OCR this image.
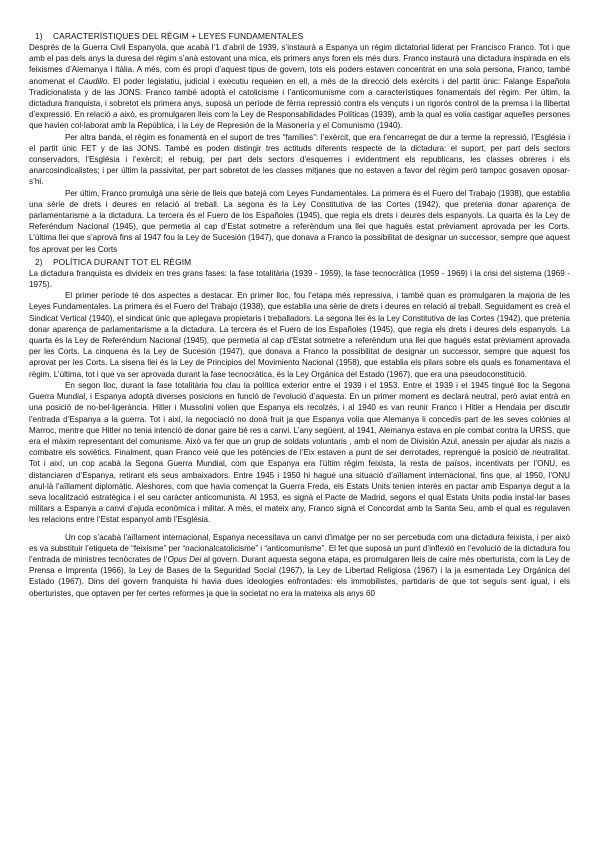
1) CARACTERÍSTIQUES DEL RÈGIM + LEYES FUNDAMENTALES

Després de la Guerra Civil Espanyola, que acabà l’1 d’abril de 1939, s’instaurà a Espanya un règim dictatorial liderat per Francisco Franco. Tot i que amb el pas dels anys la duresa del règim s’anà estovant una mica, els primers anys foren els més durs. Franco instaurà una dictadura inspirada en els feixismes d’Alemanya i Itàlia. A més, com és propi d’aquest tipus de govern, tots els poders estaven concentrat en una sola persona, Franco, també anomenat el Caudillo. El poder legislatiu, judicial i executiu requeien en ell, a més de la direcció dels exèrcits i del partit únic: Falange Española Tradicionalista y de las JONS. Franco també adoptà el catolicisme i l’anticomunisme com a característiques fonamentals del règim. Per últim, la dictadura franquista, i sobretot els primera anys, suposà un període de fèrria repressió contra els vençuts i un rigorós control de la premsa i la llibertat d’expressió. En relació a això, es promulgaren lleis com la Ley de Responsabilidades Políticas (1939), amb la qual es volia castigar aquelles persones que havien col·laborat amb la República, i la Ley de Represión de la Masonería y el Comunismo (1940).

Per altra banda, el règim es fonamentà en el suport de tres “famílies”: l’exèrcit, que era l’encarregat de dur a terme la repressió, l’Església i el partit únic FET y de las JONS. També es poden distingir tres actituds diferents respecte de la dictadura: el suport, per part dels sectors conservadors, l’Església i l’exèrcit; el rebuig, per part dels sectors d’esquerres i evidentment els republicans, les classes obreres i els anarcosindicalistes; i per últim la passivitat, per part sobretot de les classes mitjanes que no estaven a favor del règim però tampoc gosaven oposar-s’hi.

Per últim, Franco promulgà una sèrie de lleis que batejà com Leyes Fundamentales. La primera és el Fuero del Trabajo (1938), que establia una sèrie de drets i deures en relació al treball. La segona és la Ley Constitutiva de las Cortes (1942), que pretenia donar aparença de parlamentarisme a la dictadura. La tercera és el Fuero de los Españoles (1945), que regia els drets i deures dels espanyols. La quarta és la Ley de Referéndum Nacional (1945), que permetia al cap d’Estat sotmetre a referèndum una llei que hagués estat prèviament aprovada per les Corts. L’última llei que s’aprovà fins al 1947 fou la Ley de Sucesión (1947), que donava a Franco la possibilitat de designar un successor, sempre que aquest fos aprovat per les Corts

2) POLÍTICA DURANT TOT EL RÈGIM

La dictadura franquista es divideix en tres grans fases: la fase totalitària (1939 - 1959), la fase tecnocràtica (1959 - 1969) i la crisi del sistema (1969 - 1975).

El primer període té dos aspectes a destacar. En primer lloc, fou l’etapa més repressiva, i també quan es promulgaren la majoria de les Leyes Fundamentales. La primera és el Fuero del Trabajo (1938), que establia una sèrie de drets i deures en relació al treball. Seguidament es creà el Sindicat Vertical (1940), el sindicat únic que aplegava propietaris i treballadors. La segona llei és la Ley Constitutiva de las Cortes (1942), que pretenia donar aparença de parlamentarisme a la dictadura. La tercera és el Fuero de los Españoles (1945), que regia els drets i deures dels espanyols. La quarta és la Ley de Referéndum Nacional (1945), que permetia al cap d’Estat sotmetre a referèndum una llei que hagués estat prèviament aprovada per les Corts. La cinquena és la Ley de Sucesión (1947), que donava a Franco la possibilitat de designar un successor, sempre que aquest fos aprovat per les Corts. La sisena llei és la Ley de Principios del Movimiento Nacional (1958), que establia els pilars sobre els quals es fonamentava el règim. L’última, tot i que va ser aprovada durant la fase tecnocràtica, és la Ley Orgánica del Estado (1967), que era una pseudoconstitució.

En segon lloc, durant la fase totalitària fou clau la política exterior entre el 1939 i el 1953. Entre el 1939 i el 1945 tingué lloc la Segona Guerra Mundial, i Espanya adoptà diverses posicions en funció de l’evolució d’aquesta. En un primer moment es declarà neutral, però aviat entrà en una posició de no-bel·ligerància. Hitler i Mussolini volien que Espanya els recolzés, i al 1940 es van reunir Franco i Hitler a Hendaia per discutir l’entrada d’Espanya a la guerra. Tot i així, la negociació no donà fruit ja que Espanya volia que Alemanya li concedís part de les seves colònies al Marroc, mentre que Hitler no tenia intenció de donar gaire bé res a canvi. L’any següent, al 1941, Alemanya estava en ple combat contra la URSS, que era el màxim representant del comunisme. Això va fer que un grup de soldats voluntaris , amb el nom de División Azul, anessin per ajudar als nazis a combatre els soviètics. Finalment, quan Franco veié que les potències de l’Eix estaven a punt de ser derrotades, reprengué la posició de neutralitat. Tot i així, un cop acabà la Segona Guerra Mundial, com que Espanya era l’últim règim feixista, la resta de països, incentivats per l’ONU, es distanciaren d’Espanya, retirant els seus ambaixadors. Entre 1945 i 1950 hi hagué una situació d’aïllament internacional, fins que, al 1950, l’ONU anul·là l’aïllament diplomàtic. Aleshores, com que havia començat la Guerra Freda, els Estats Units tenien interès en pactar amb Espanya degut a la seva localització estratègica i el seu caràcter anticomunista. Al 1953, es signà el Pacte de Madrid, segons el qual Estats Units podia instal·lar bases militars a Espanya a canvi d’ajuda econòmica i militar. A més, el mateix any, Franco signà el Concordat amb la Santa Seu, amb el qual es regulaven les relacions entre l’Estat espanyol amb l’Església.

Un cop s’acabà l’aïllament internacional, Espanya necessitava un canvi d’imatge per no ser percebuda com una dictadura feixista, i per això es va substituir l’etiqueta de “feixisme” per “nacionalcatolicisme” i “anticomunisme”. El fet que suposà un punt d’inflexió en l’evolució de la dictadura fou l’entrada de ministres tecnòcrates de l’Opus Dei al govern. Durant aquesta segona etapa, es promulgaren lleis de caire més oberturista, com la Ley de Prensa e Imprenta (1966), la Ley de Bases de la Seguridad Social (1967), la Ley de Libertad Religiosa (1967) i la ja esmentada Ley Orgánica del Estado (1967). Dins del govern franquista hi havia dues ideologies enfrontades: els immobilistes, partidaris de que tot seguís sent igual, i els oberturistes, que optaven per fer certes reformes ja que la societat no era la mateixa als anys 60
